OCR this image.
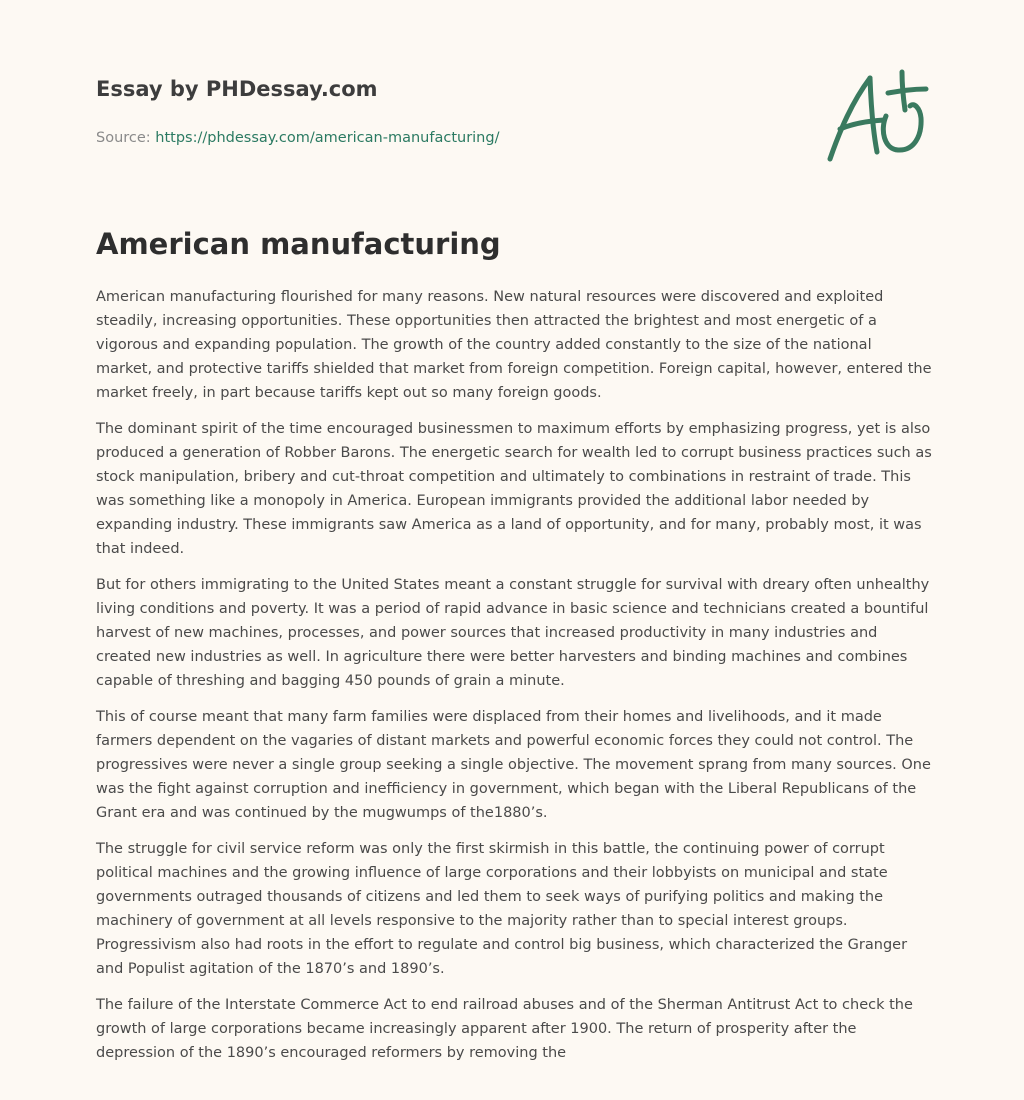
Essay by PHDessay.com
Source: https://phdessay.com/american-manufacturing/
American manufacturing

American manufacturing flourished for many reasons. New natural resources were discovered and exploited steadily, increasing opportunities. These opportunities then attracted the brightest and most energetic of a vigorous and expanding population. The growth of the country added constantly to the size of the national market, and protective tariffs shielded that market from foreign competition. Foreign capital, however, entered the market freely, in part because tariffs kept out so many foreign goods.

The dominant spirit of the time encouraged businessmen to maximum efforts by emphasizing progress, yet is also produced a generation of Robber Barons. The energetic search for wealth led to corrupt business practices such as stock manipulation, bribery and cut-throat competition and ultimately to combinations in restraint of trade. This was something like a monopoly in America. European immigrants provided the additional labor needed by expanding industry. These immigrants saw America as a land of opportunity, and for many, probably most, it was that indeed.

But for others immigrating to the United States meant a constant struggle for survival with dreary often unhealthy living conditions and poverty. It was a period of rapid advance in basic science and technicians created a bountiful harvest of new machines, processes, and power sources that increased productivity in many industries and created new industries as well. In agriculture there were better harvesters and binding machines and combines capable of threshing and bagging 450 pounds of grain a minute.

This of course meant that many farm families were displaced from their homes and livelihoods, and it made farmers dependent on the vagaries of distant markets and powerful economic forces they could not control. The progressives were never a single group seeking a single objective. The movement sprang from many sources. One was the fight against corruption and inefficiency in government, which began with the Liberal Republicans of the Grant era and was continued by the mugwumps of the1880’s.

The struggle for civil service reform was only the first skirmish in this battle, the continuing power of corrupt political machines and the growing influence of large corporations and their lobbyists on municipal and state governments outraged thousands of citizens and led them to seek ways of purifying politics and making the machinery of government at all levels responsive to the majority rather than to special interest groups. Progressivism also had roots in the effort to regulate and control big business, which characterized the Granger and Populist agitation of the 1870’s and 1890’s.

The failure of the Interstate Commerce Act to end railroad abuses and of the Sherman Antitrust Act to check the growth of large corporations became increasingly apparent after 1900. The return of prosperity after the depression of the 1890’s encouraged reformers by removing the
